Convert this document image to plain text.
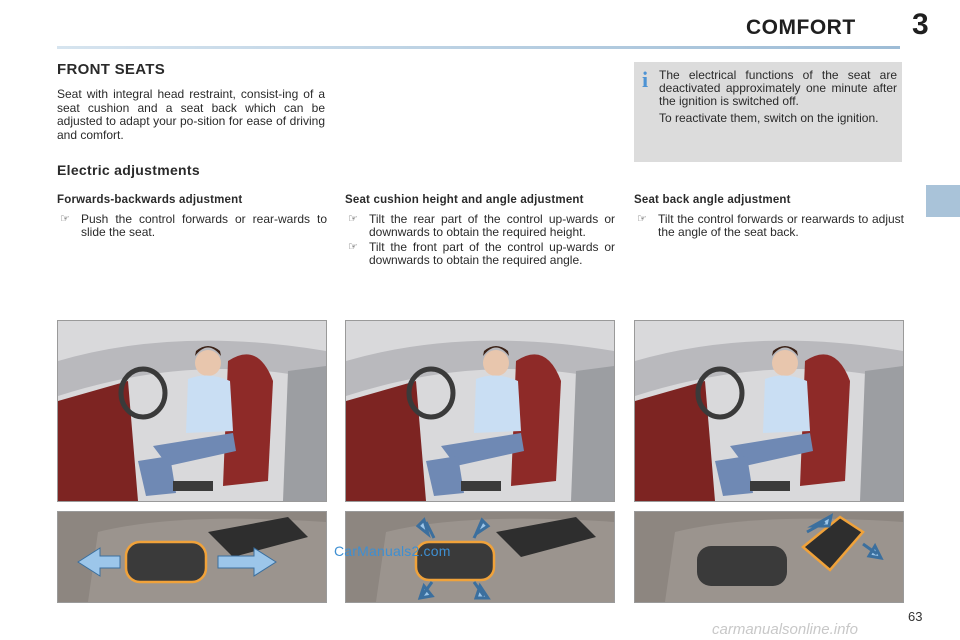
COMFORT 3
FRONT SEATS
Seat with integral head restraint, consist-ing of a seat cushion and a seat back which can be adjusted to adapt your po-sition for ease of driving and comfort.
Electric adjustments
i The electrical functions of the seat are deactivated approximately one minute after the ignition is switched off.

To reactivate them, switch on the ignition.

Forwards-backwards adjustment
☞ Push the control forwards or rear-wards to slide the seat.
Seat cushion height and angle adjustment
☞ Tilt the rear part of the control up-wards or downwards to obtain the required height.
☞ Tilt the front part of the control up-wards or downwards to obtain the required angle.
Seat back angle adjustment
☞ Tilt the control forwards or rearwards to adjust the angle of the seat back.
CarManuals2.com
63
carmanualsonline.info
